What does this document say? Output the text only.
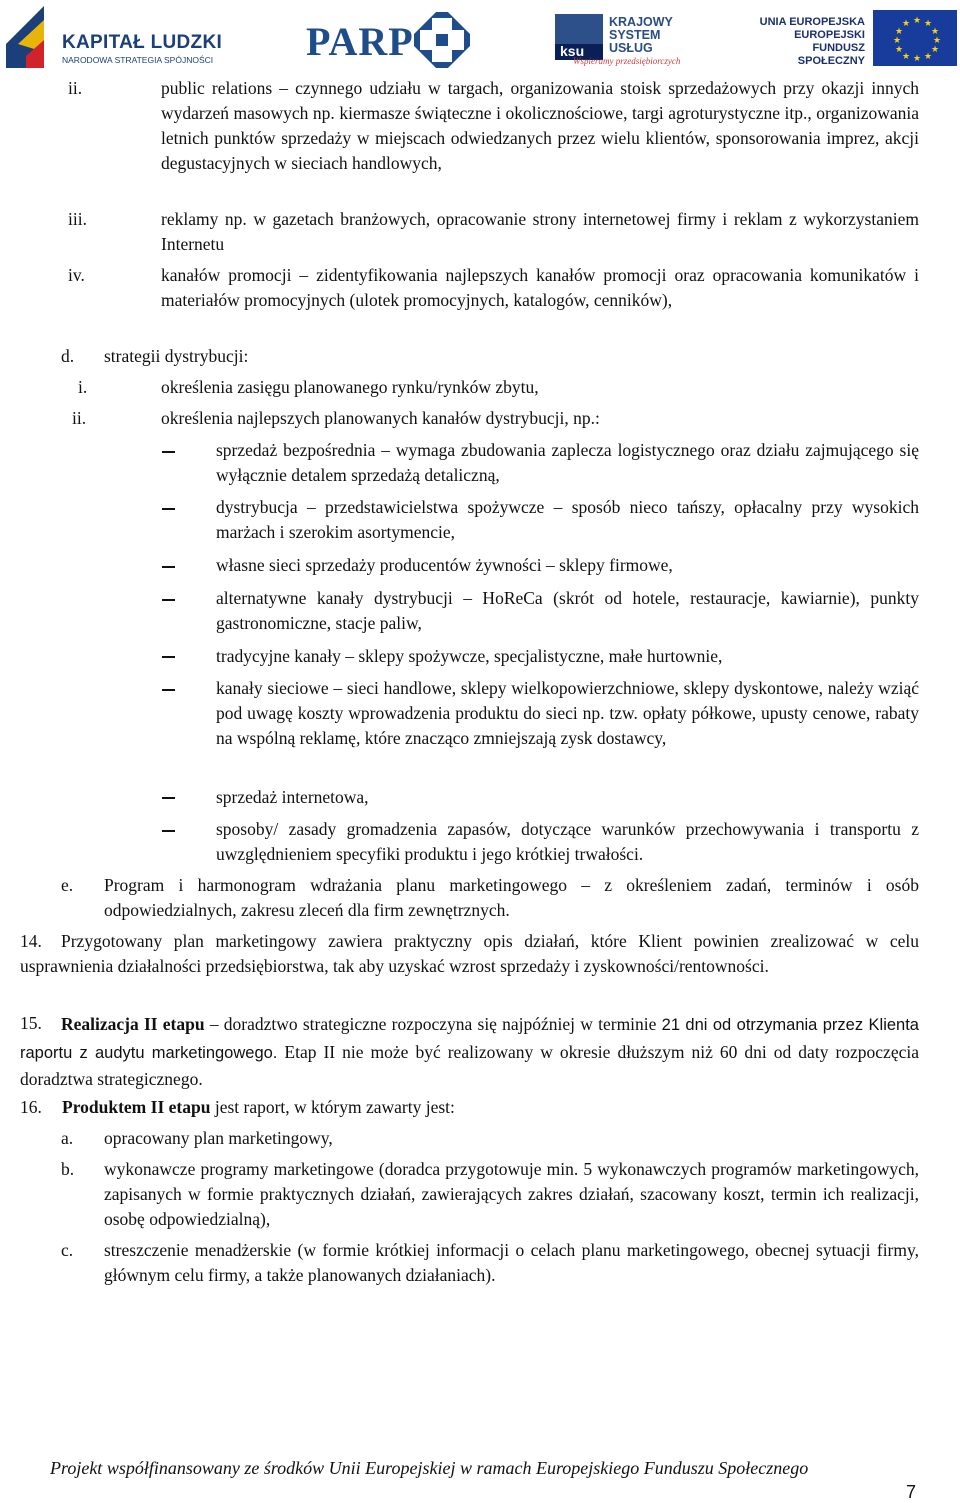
KAPITAŁ LUDZKI
NARODOWA STRATEGIA SPÓJNOŚCI PARP	ksu
KRAJOWY
SYSTEM
USŁUG
Wspieramy przedsiębiorczych
UNIA EUROPEJSKA
EUROPEJSKI
FUNDUSZ SPOŁECZNY
★ ★
★
★
★
★
★
★
★
★
★
★
ii.	public relations – czynnego udziału w targach, organizowania stoisk sprzedażowych przy okazji innych wydarzeń masowych np. kiermasze świąteczne i okolicznościowe, targi agroturystyczne itp., organizowania letnich punktów sprzedaży w miejscach odwiedzanych przez wielu klientów, sponsorowania imprez, akcji degustacyjnych w sieciach handlowych,
iii.	reklamy np. w gazetach branżowych, opracowanie strony internetowej firmy i reklam z wykorzystaniem Internetu
iv.	kanałów promocji – zidentyfikowania najlepszych kanałów promocji oraz opracowania komunikatów i materiałów promocyjnych (ulotek promocyjnych, katalogów, cenników),
d. strategii dystrybucji:
i.	określenia zasięgu planowanego rynku/rynków zbytu,
ii.	określenia najlepszych planowanych kanałów dystrybucji, np.:
sprzedaż bezpośrednia – wymaga zbudowania zaplecza logistycznego oraz działu zajmującego się wyłącznie detalem sprzedażą detaliczną,
dystrybucja – przedstawicielstwa spożywcze – sposób nieco tańszy, opłacalny przy wysokich marżach i szerokim asortymencie,
własne sieci sprzedaży producentów żywności – sklepy firmowe,
alternatywne kanały dystrybucji – HoReCa (skrót od hotele, restauracje, kawiarnie), punkty gastronomiczne, stacje paliw,
tradycyjne kanały – sklepy spożywcze, specjalistyczne, małe hurtownie,
kanały sieciowe – sieci handlowe, sklepy wielkopowierzchniowe, sklepy dyskontowe, należy wziąć pod uwagę koszty wprowadzenia produktu do sieci np. tzw. opłaty półkowe, upusty cenowe, rabaty na wspólną reklamę, które znacząco zmniejszają zysk dostawcy,
sprzedaż internetowa,
sposoby/ zasady gromadzenia zapasów, dotyczące warunków przechowywania i transportu z uwzględnieniem specyfiki produktu i jego krótkiej trwałości.
e. Program i harmonogram wdrażania planu marketingowego – z określeniem zadań, terminów i osób odpowiedzialnych, zakresu zleceń dla firm zewnętrznych.
14.	Przygotowany plan marketingowy zawiera praktyczny opis działań, które Klient powinien zrealizować w celu usprawnienia działalności przedsiębiorstwa, tak aby uzyskać wzrost sprzedaży i zyskowności/rentowności.
15.	Realizacja II etapu – doradztwo strategiczne rozpoczyna się najpóźniej w terminie 21 dni od otrzymania przez Klienta raportu z audytu marketingowego. Etap II nie może być realizowany w okresie dłuższym niż 60 dni od daty rozpoczęcia doradztwa strategicznego.
16. Produktem II etapu jest raport, w którym zawarty jest:
a. opracowany plan marketingowy,
b. wykonawcze programy marketingowe (doradca przygotowuje min. 5 wykonawczych programów marketingowych, zapisanych w formie praktycznych działań, zawierających zakres działań, szacowany koszt, termin ich realizacji, osobę odpowiedzialną),
c. streszczenie menadżerskie (w formie krótkiej informacji o celach planu marketingowego, obecnej sytuacji firmy, głównym celu firmy, a także planowanych działaniach).
Projekt współfinansowany ze środków Unii Europejskiej w ramach Europejskiego Funduszu Społecznego
7
